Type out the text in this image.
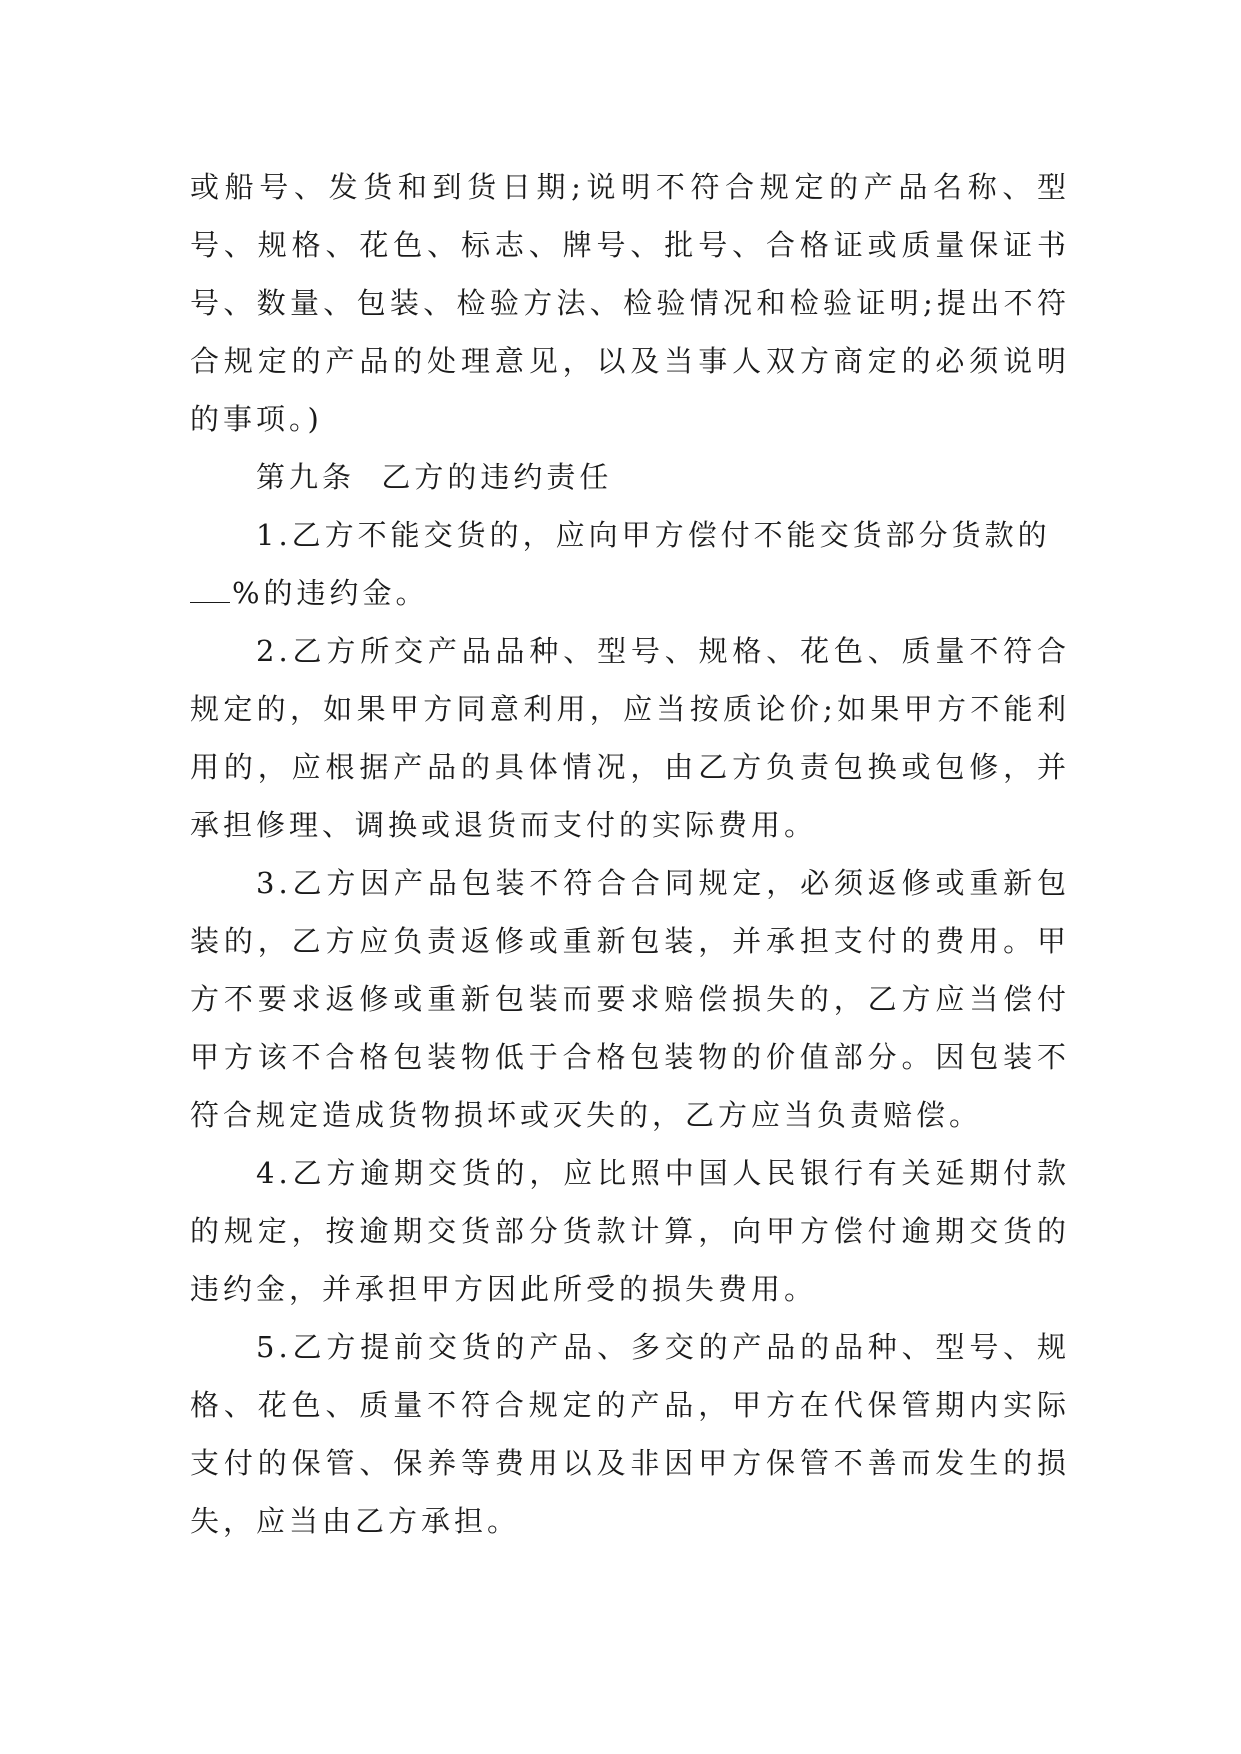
或船号、发货和到货日期;说明不符合规定的产品名称、型号、规格、花色、标志、牌号、批号、合格证或质量保证书号、数量、包装、检验方法、检验情况和检验证明;提出不符合规定的产品的处理意见，以及当事人双方商定的必须说明的事项。)

第九条  乙方的违约责任

1.乙方不能交货的，应向甲方偿付不能交货部分货款的
%的违约金。

2.乙方所交产品品种、型号、规格、花色、质量不符合规定的，如果甲方同意利用，应当按质论价;如果甲方不能利用的，应根据产品的具体情况，由乙方负责包换或包修，并承担修理、调换或退货而支付的实际费用。

3.乙方因产品包装不符合合同规定，必须返修或重新包装的，乙方应负责返修或重新包装，并承担支付的费用。甲方不要求返修或重新包装而要求赔偿损失的，乙方应当偿付甲方该不合格包装物低于合格包装物的价值部分。因包装不符合规定造成货物损坏或灭失的，乙方应当负责赔偿。

4.乙方逾期交货的，应比照中国人民银行有关延期付款的规定，按逾期交货部分货款计算，向甲方偿付逾期交货的违约金，并承担甲方因此所受的损失费用。

5.乙方提前交货的产品、多交的产品的品种、型号、规格、花色、质量不符合规定的产品，甲方在代保管期内实际支付的保管、保养等费用以及非因甲方保管不善而发生的损失，应当由乙方承担。
